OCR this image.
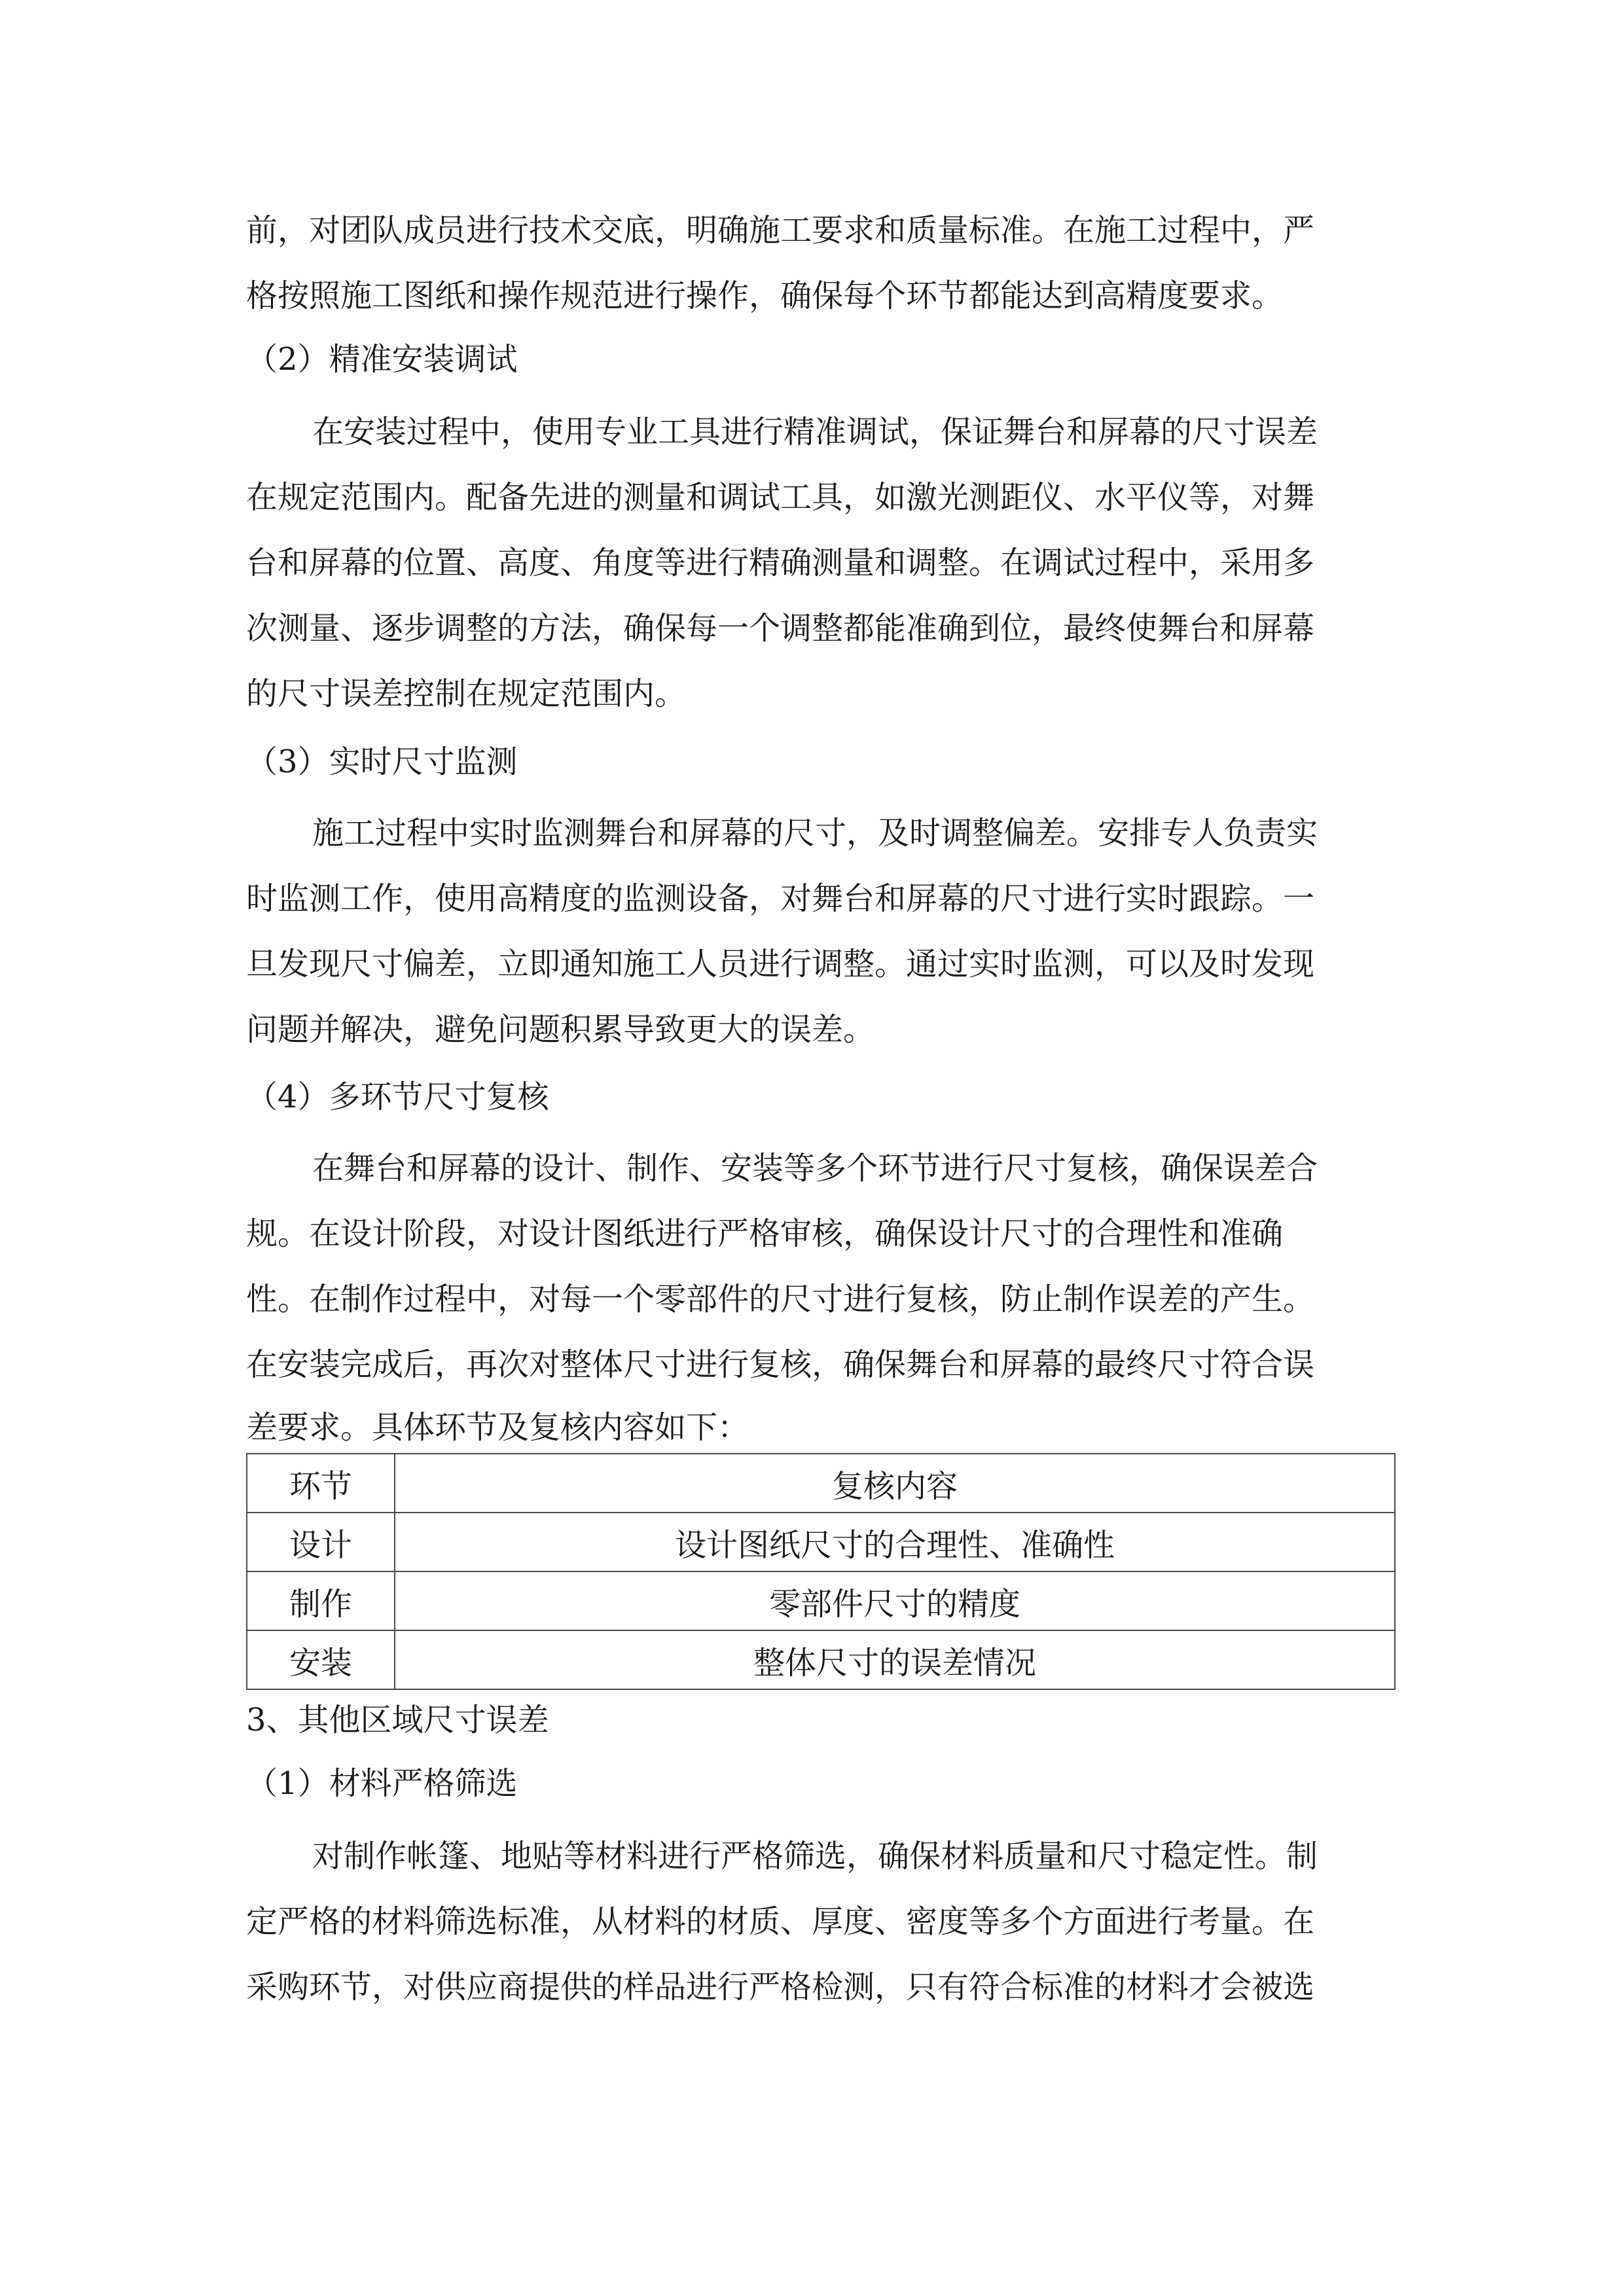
前，对团队成员进行技术交底，明确施工要求和质量标准。在施工过程中，严

格按照施工图纸和操作规范进行操作，确保每个环节都能达到高精度要求。

（2）精准安装调试

在安装过程中，使用专业工具进行精准调试，保证舞台和屏幕的尺寸误差

在规定范围内。配备先进的测量和调试工具，如激光测距仪、水平仪等，对舞

台和屏幕的位置、高度、角度等进行精确测量和调整。在调试过程中，采用多

次测量、逐步调整的方法，确保每一个调整都能准确到位，最终使舞台和屏幕

的尺寸误差控制在规定范围内。

（3）实时尺寸监测

施工过程中实时监测舞台和屏幕的尺寸，及时调整偏差。安排专人负责实

时监测工作，使用高精度的监测设备，对舞台和屏幕的尺寸进行实时跟踪。一

旦发现尺寸偏差，立即通知施工人员进行调整。通过实时监测，可以及时发现

问题并解决，避免问题积累导致更大的误差。

（4）多环节尺寸复核

在舞台和屏幕的设计、制作、安装等多个环节进行尺寸复核，确保误差合

规。在设计阶段，对设计图纸进行严格审核，确保设计尺寸的合理性和准确

性。在制作过程中，对每一个零部件的尺寸进行复核，防止制作误差的产生。

在安装完成后，再次对整体尺寸进行复核，确保舞台和屏幕的最终尺寸符合误

差要求。具体环节及复核内容如下：

环节	复核内容
设计	设计图纸尺寸的合理性、准确性
制作	零部件尺寸的精度
安装	整体尺寸的误差情况

3、其他区域尺寸误差

（1）材料严格筛选

对制作帐篷、地贴等材料进行严格筛选，确保材料质量和尺寸稳定性。制

定严格的材料筛选标准，从材料的材质、厚度、密度等多个方面进行考量。在

采购环节，对供应商提供的样品进行严格检测，只有符合标准的材料才会被选
